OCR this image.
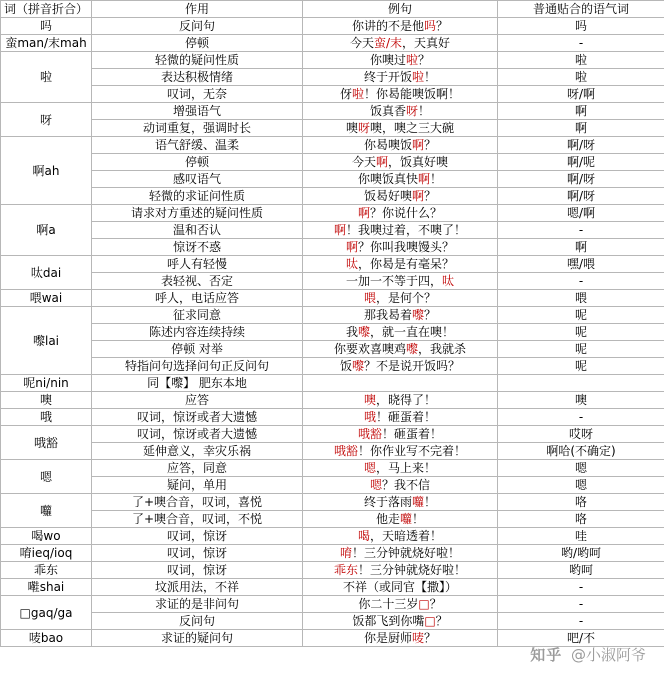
词（拼音折合）	作用	例句	普通贴合的语气词
吗	反问句	你讲的不是他吗？	吗
蛮man/末mah	停顿	今天蛮/末，天真好	-
啦	轻微的疑问性质	你噢过啦？	啦
	表达积极情绪	终于开饭啦！	啦
	叹词，无奈	伢啦！你曷能噢饭啊！	呀/啊
呀	增强语气	饭真香呀！	啊
	动词重复，强调时长	噢呀噢，噢之三大碗	啊
啊ah	语气舒缓、温柔	你曷噢饭啊？	啊/呀
	停顿	今天啊，饭真好噢	啊/呢
	感叹语气	你噢饭真快啊！	啊/呀
	轻微的求证问性质	饭曷好噢啊？	啊/呀
啊a	请求对方重述的疑问性质	啊？你说什么？	嗯/啊
	温和否认	啊！我噢过着，不噢了！	-
	惊讶不惑	啊？你叫我噢馒头？	啊
呔dai	呼人有轻慢	呔，你曷是有毫呆？	嘿/喂
	表轻视、否定	一加一不等于四，呔	-
喂wai	呼人，电话应答	喂，是何个？	喂
嚟lai	征求同意	那我曷着嚟？	呢
	陈述内容连续持续	我嚟，就一直在噢！	呢
	停顿 对举	你要欢喜噢鸡嚟，我就杀	呢
	特指问句选择问句正反问句	饭嚟？不是说开饭吗？	呢
呢ni/nin	同【嚟】 肥东本地		
噢	应答	噢，晓得了！	噢
哦	叹词，惊讶或者大遗憾	哦！砸蛋着！	-
哦豁	叹词，惊讶或者大遗憾	哦豁！砸蛋着！	哎呀
	延伸意义，幸灾乐祸	哦豁！你作业写不完着！	啊哈(不确定)
嗯	应答，同意	嗯，马上来！	嗯
	疑问，单用	嗯？我不信	嗯
囖	了+噢合音，叹词，喜悦	终于落雨囖！	咯
	了+噢合音，叹词，不悦	他走囖！	咯
喝wo	叹词，惊讶	喝，天暗透着！	哇
唷ieq/ioq	叹词，惊讶	唷！三分钟就烧好啦！	哟/哟呵
乖东	叹词，惊讶	乖东！三分钟就烧好啦！	哟呵
嚡shai	坟派用法，不祥	不祥（或同官【撒】）	-
□gaq/ga	求证的是非问句	你二十三岁□？	-
	反问句	饭都飞到你嘴□？	-
唛bao	求证的疑问句	你是厨师唛？	吧/不
知乎 @小淑阿爷
